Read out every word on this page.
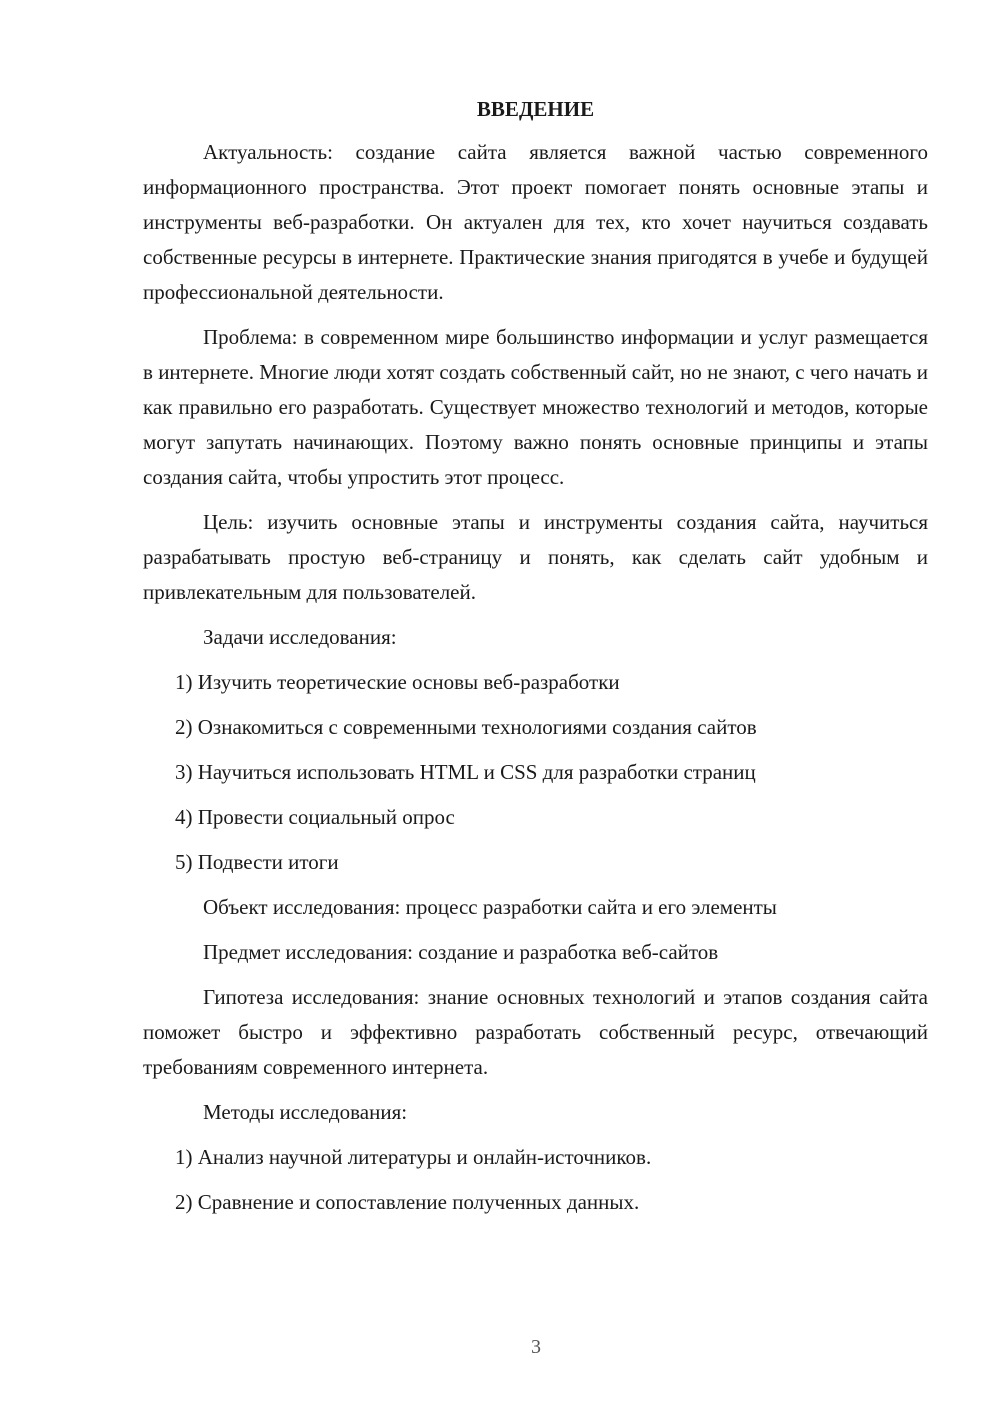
ВВЕДЕНИЕ

Актуальность: создание сайта является важной частью современного информационного пространства. Этот проект помогает понять основные этапы и инструменты веб-разработки. Он актуален для тех, кто хочет научиться создавать собственные ресурсы в интернете. Практические знания пригодятся в учебе и будущей профессиональной деятельности.

Проблема: в современном мире большинство информации и услуг размещается в интернете. Многие люди хотят создать собственный сайт, но не знают, с чего начать и как правильно его разработать. Существует множество технологий и методов, которые могут запутать начинающих. Поэтому важно понять основные принципы и этапы создания сайта, чтобы упростить этот процесс.

Цель: изучить основные этапы и инструменты создания сайта, научиться разрабатывать простую веб-страницу и понять, как сделать сайт удобным и привлекательным для пользователей.

Задачи исследования:

1) Изучить теоретические основы веб-разработки
2) Ознакомиться с современными технологиями создания сайтов
3) Научиться использовать HTML и CSS для разработки страниц
4) Провести социальный опрос
5) Подвести итоги

Объект исследования: процесс разработки сайта и его элементы

Предмет исследования: создание и разработка веб-сайтов

Гипотеза исследования: знание основных технологий и этапов создания сайта поможет быстро и эффективно разработать собственный ресурс, отвечающий требованиям современного интернета.

Методы исследования:

1) Анализ научной литературы и онлайн-источников.
2) Сравнение и сопоставление полученных данных.
3
